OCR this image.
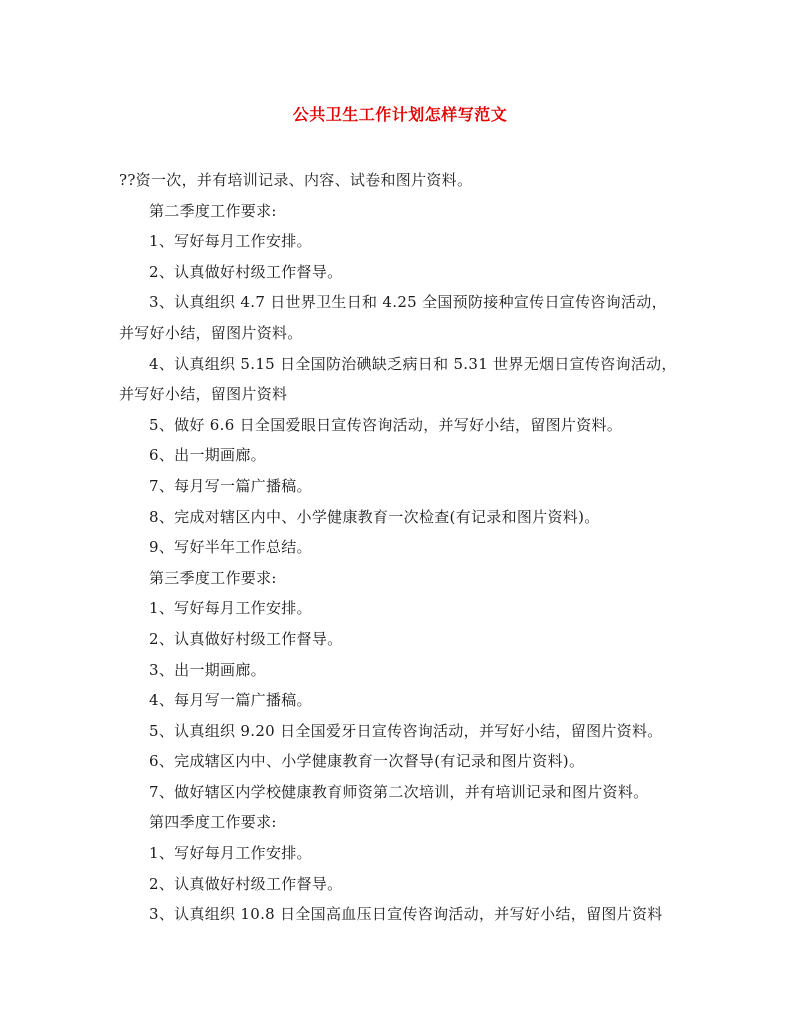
公共卫生工作计划怎样写范文

??资一次，并有培训记录、内容、试卷和图片资料。

第二季度工作要求:

1、写好每月工作安排。

2、认真做好村级工作督导。

3、认真组织 4.7 日世界卫生日和 4.25 全国预防接种宣传日宣传咨询活动，

并写好小结，留图片资料。

4、认真组织 5.15 日全国防治碘缺乏病日和 5.31 世界无烟日宣传咨询活动，

并写好小结，留图片资料

5、做好 6.6 日全国爱眼日宣传咨询活动，并写好小结，留图片资料。

6、出一期画廊。

7、每月写一篇广播稿。

8、完成对辖区内中、小学健康教育一次检查(有记录和图片资料)。

9、写好半年工作总结。

第三季度工作要求:

1、写好每月工作安排。

2、认真做好村级工作督导。

3、出一期画廊。

4、每月写一篇广播稿。

5、认真组织 9.20 日全国爱牙日宣传咨询活动，并写好小结，留图片资料。

6、完成辖区内中、小学健康教育一次督导(有记录和图片资料)。

7、做好辖区内学校健康教育师资第二次培训，并有培训记录和图片资料。

第四季度工作要求:

1、写好每月工作安排。

2、认真做好村级工作督导。

3、认真组织 10.8 日全国高血压日宣传咨询活动，并写好小结，留图片资料
